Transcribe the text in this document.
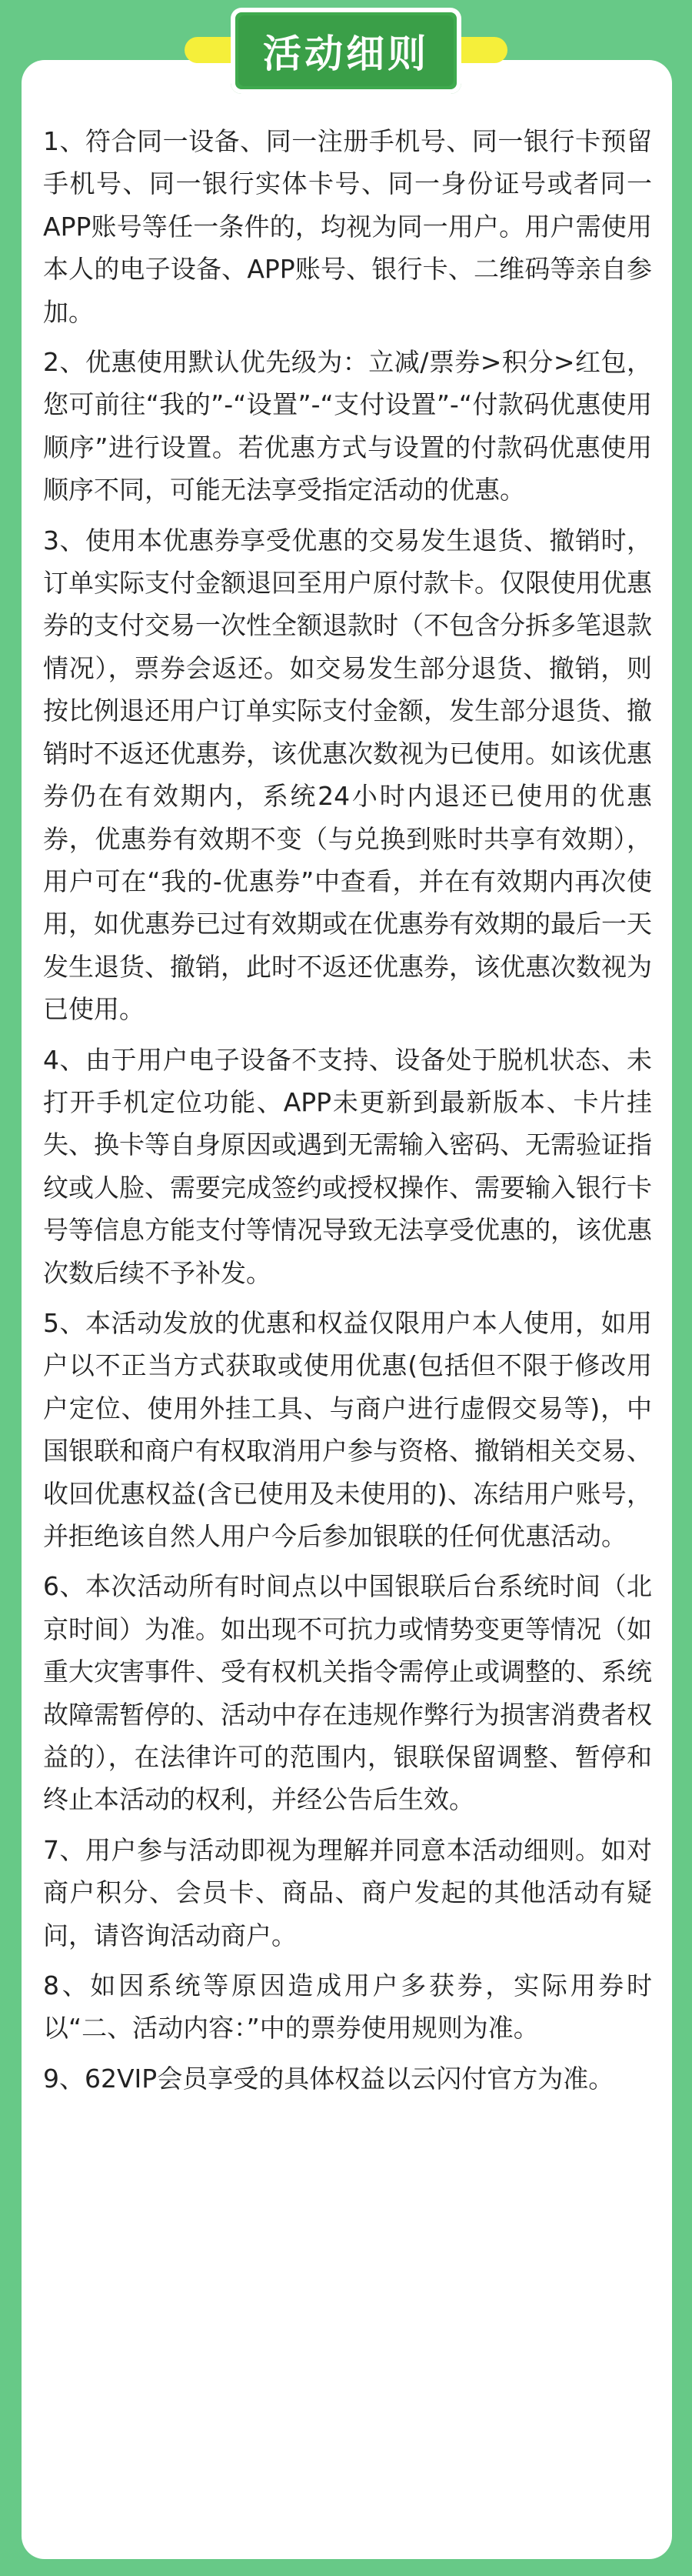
活动细则

1、符合同一设备、同一注册手机号、同一银行卡预留手机号、同一银行实体卡号、同一身份证号或者同一APP账号等任一条件的，均视为同一用户。用户需使用本人的电子设备、APP账号、银行卡、二维码等亲自参加。

2、优惠使用默认优先级为：立减/票券>积分>红包，您可前往“我的”-“设置”-“支付设置”-“付款码优惠使用顺序”进行设置。若优惠方式与设置的付款码优惠使用顺序不同，可能无法享受指定活动的优惠。

3、使用本优惠券享受优惠的交易发生退货、撤销时，订单实际支付金额退回至用户原付款卡。仅限使用优惠券的支付交易一次性全额退款时（不包含分拆多笔退款情况），票券会返还。如交易发生部分退货、撤销，则按比例退还用户订单实际支付金额，发生部分退货、撤销时不返还优惠券，该优惠次数视为已使用。如该优惠券仍在有效期内，系统24小时内退还已使用的优惠券，优惠券有效期不变（与兑换到账时共享有效期），用户可在“我的-优惠券”中查看，并在有效期内再次使用，如优惠券已过有效期或在优惠券有效期的最后一天发生退货、撤销，此时不返还优惠券，该优惠次数视为已使用。

4、由于用户电子设备不支持、设备处于脱机状态、未打开手机定位功能、APP未更新到最新版本、卡片挂失、换卡等自身原因或遇到无需输入密码、无需验证指纹或人脸、需要完成签约或授权操作、需要输入银行卡号等信息方能支付等情况导致无法享受优惠的，该优惠次数后续不予补发。

5、本活动发放的优惠和权益仅限用户本人使用，如用户以不正当方式获取或使用优惠(包括但不限于修改用户定位、使用外挂工具、与商户进行虚假交易等)，中国银联和商户有权取消用户参与资格、撤销相关交易、收回优惠权益(含已使用及未使用的)、冻结用户账号，并拒绝该自然人用户今后参加银联的任何优惠活动。

6、本次活动所有时间点以中国银联后台系统时间（北京时间）为准。如出现不可抗力或情势变更等情况（如重大灾害事件、受有权机关指令需停止或调整的、系统故障需暂停的、活动中存在违规作弊行为损害消费者权益的），在法律许可的范围内，银联保留调整、暂停和终止本活动的权利，并经公告后生效。

7、用户参与活动即视为理解并同意本活动细则。如对商户积分、会员卡、商品、商户发起的其他活动有疑问，请咨询活动商户。

8、如因系统等原因造成用户多获券，实际用券时以“二、活动内容：”中的票券使用规则为准。

9、62VIP会员享受的具体权益以云闪付官方为准。
